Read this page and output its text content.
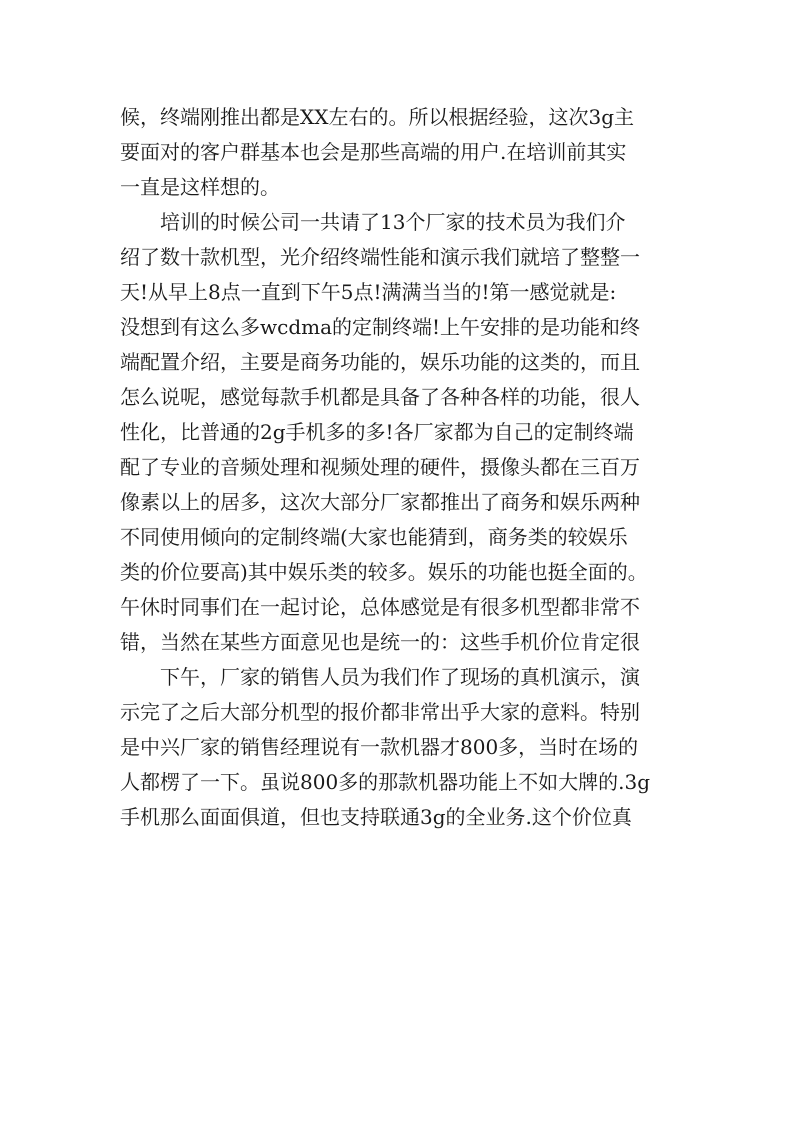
候，终端刚推出都是XX左右的。所以根据经验，这次3g主
要面对的客户群基本也会是那些高端的用户.在培训前其实
一直是这样想的。

培训的时候公司一共请了13个厂家的技术员为我们介
绍了数十款机型，光介绍终端性能和演示我们就培了整整一
天!从早上8点一直到下午5点!满满当当的!第一感觉就是:
没想到有这么多wcdma的定制终端!上午安排的是功能和终
端配置介绍，主要是商务功能的，娱乐功能的这类的，而且
怎么说呢，感觉每款手机都是具备了各种各样的功能，很人
性化，比普通的2g手机多的多!各厂家都为自己的定制终端
配了专业的音频处理和视频处理的硬件，摄像头都在三百万
像素以上的居多，这次大部分厂家都推出了商务和娱乐两种
不同使用倾向的定制终端(大家也能猜到，商务类的较娱乐
类的价位要高)其中娱乐类的较多。娱乐的功能也挺全面的。
午休时同事们在一起讨论，总体感觉是有很多机型都非常不
错，当然在某些方面意见也是统一的：这些手机价位肯定很

下午，厂家的销售人员为我们作了现场的真机演示，演
示完了之后大部分机型的报价都非常出乎大家的意料。特别
是中兴厂家的销售经理说有一款机器才800多，当时在场的
人都楞了一下。虽说800多的那款机器功能上不如大牌的.3g
手机那么面面俱道，但也支持联通3g的全业务.这个价位真
